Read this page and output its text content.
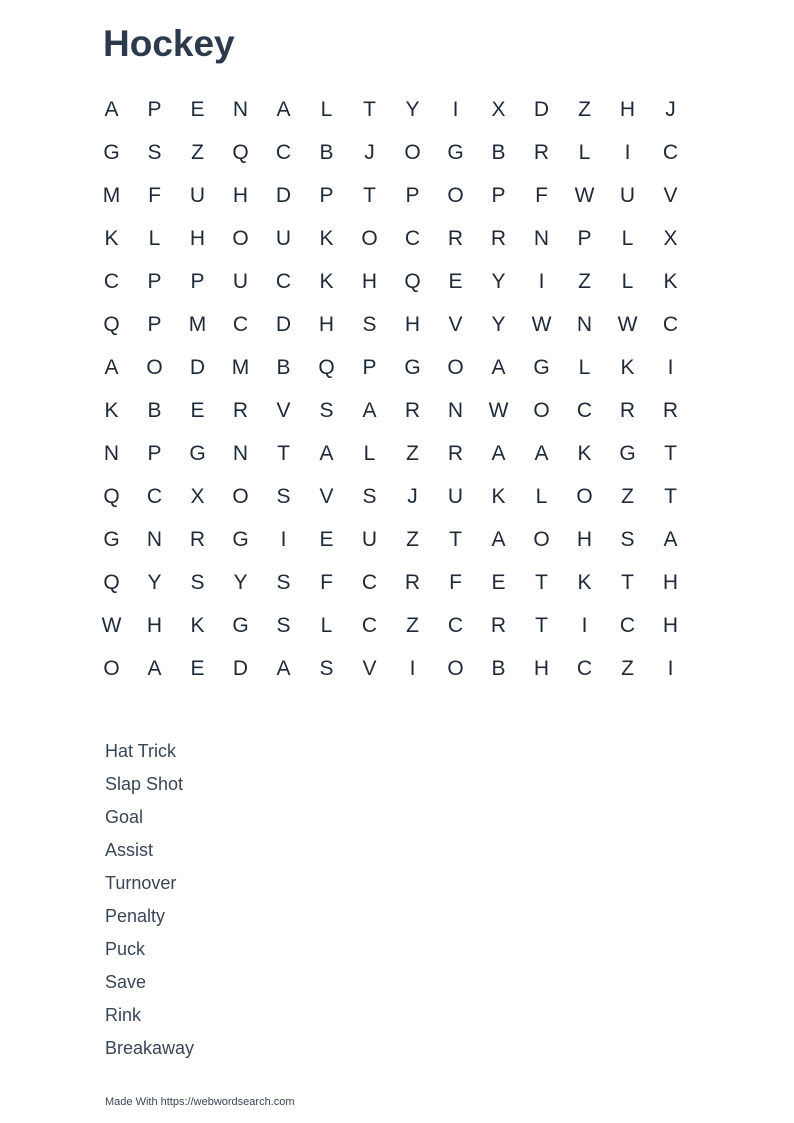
Hockey
A	P	E	N	A	L	T	Y	I	X	D	Z	H	J
G	S	Z	Q	C	B	J	O	G	B	R	L	I	C
M	F	U	H	D	P	T	P	O	P	F	W	U	V
K	L	H	O	U	K	O	C	R	R	N	P	L	X
C	P	P	U	C	K	H	Q	E	Y	I	Z	L	K
Q	P	M	C	D	H	S	H	V	Y	W	N	W	C
A	O	D	M	B	Q	P	G	O	A	G	L	K	I
K	B	E	R	V	S	A	R	N	W	O	C	R	R
N	P	G	N	T	A	L	Z	R	A	A	K	G	T
Q	C	X	O	S	V	S	J	U	K	L	O	Z	T
G	N	R	G	I	E	U	Z	T	A	O	H	S	A
Q	Y	S	Y	S	F	C	R	F	E	T	K	T	H
W	H	K	G	S	L	C	Z	C	R	T	I	C	H
O	A	E	D	A	S	V	I	O	B	H	C	Z	I
Hat Trick
Slap Shot
Goal
Assist
Turnover
Penalty
Puck
Save
Rink
Breakaway
Made With https://webwordsearch.com
